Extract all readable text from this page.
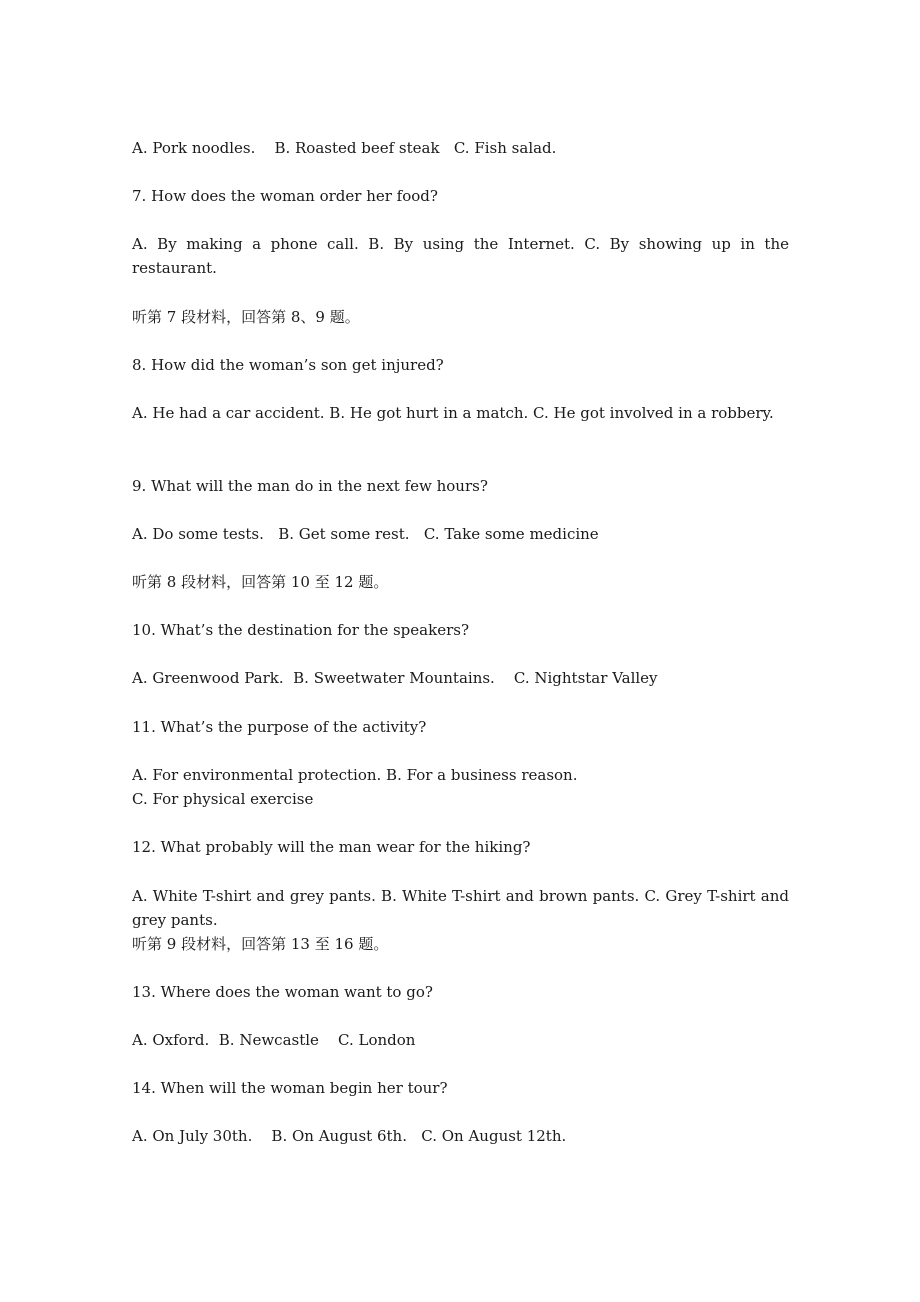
A. Pork noodles.    B. Roasted beef steak   C. Fish salad.
7. How does the woman order her food?
A. By making a phone call. B. By using the Internet. C. By showing up in the restaurant.
听第 7 段材料，回答第 8、9 题。
8. How did the woman’s son get injured?
A. He had a car accident. B. He got hurt in a match. C. He got involved in a robbery.
9. What will the man do in the next few hours?
A. Do some tests.   B. Get some rest.   C. Take some medicine
听第 8 段材料，回答第 10 至 12 题。
10. What’s the destination for the speakers?
A. Greenwood Park.  B. Sweetwater Mountains.    C. Nightstar Valley
11. What’s the purpose of the activity?
A. For environmental protection. B. For a business reason.
C. For physical exercise
12. What probably will the man wear for the hiking?
A. White T-shirt and grey pants. B. White T-shirt and brown pants. C. Grey T-shirt and grey pants.
听第 9 段材料，回答第 13 至 16 题。
13. Where does the woman want to go?
A. Oxford.  B. Newcastle    C. London
14. When will the woman begin her tour?
A. On July 30th.    B. On August 6th.   C. On August 12th.
